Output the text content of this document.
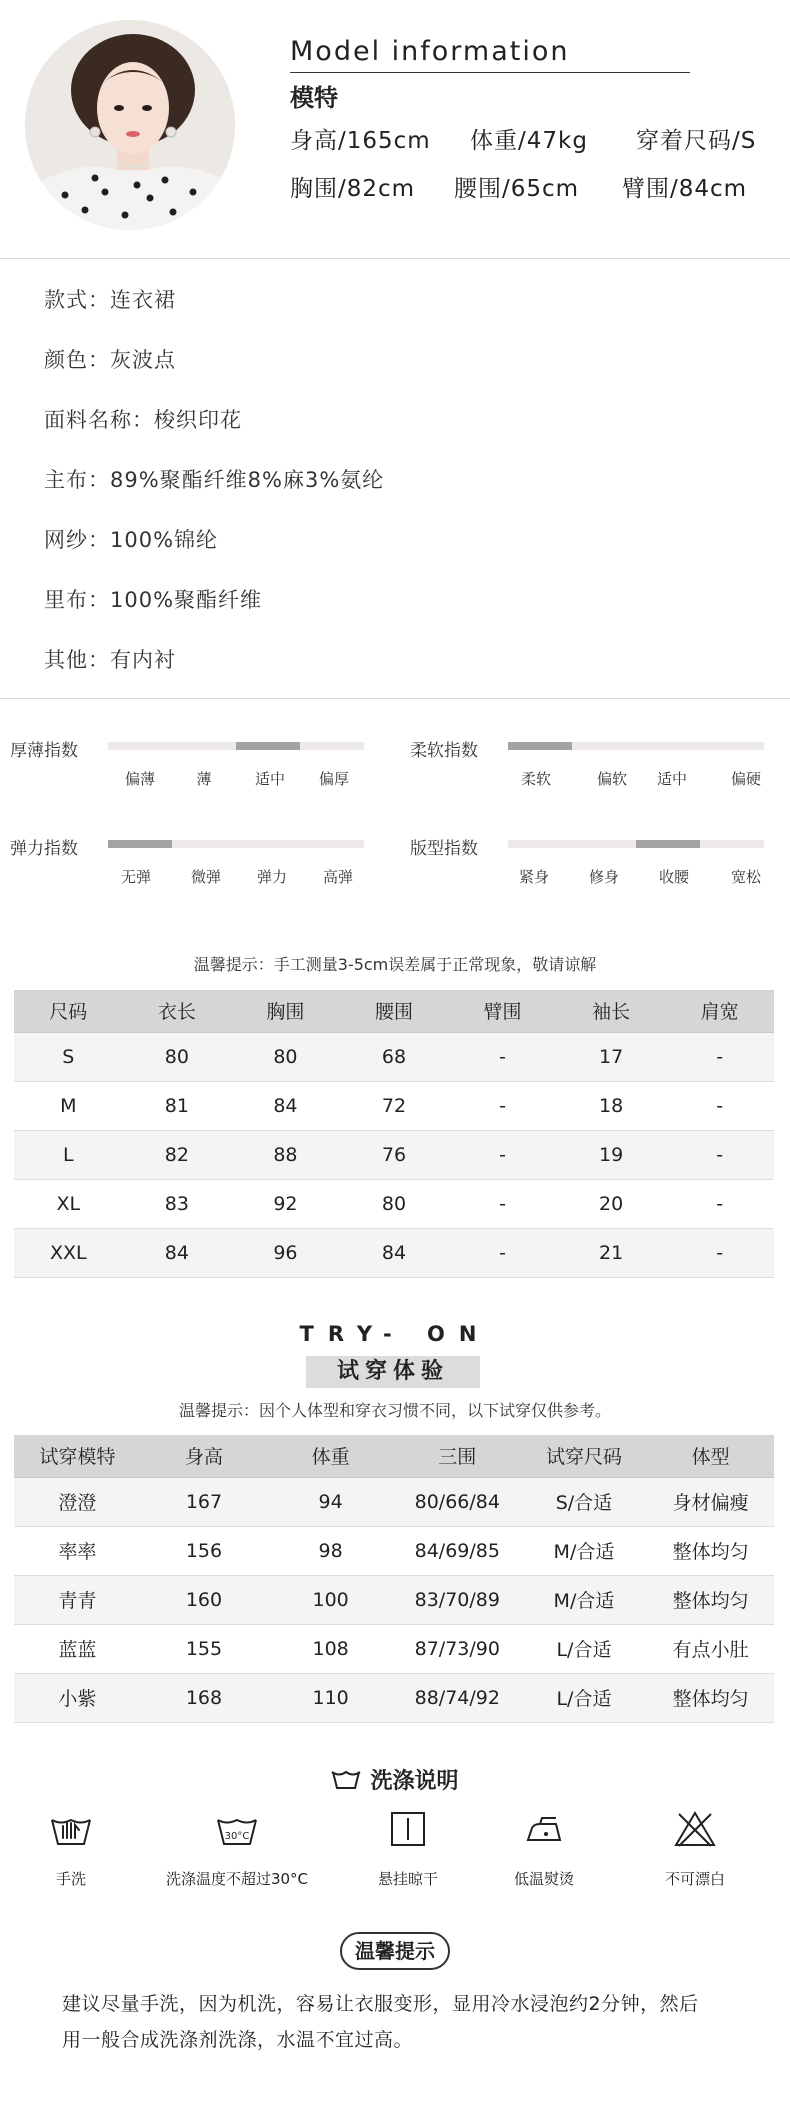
Model information
模特
身高/165cm 体重/47kg 穿着尺码/S
胸围/82cm 腰围/65cm 臂围/84cm
款式：连衣裙
颜色：灰波点
面料名称：梭织印花
主布：89%聚酯纤维8%麻3%氨纶
网纱：100%锦纶
里布：100%聚酯纤维
其他：有内衬
厚薄指数
偏薄	薄	适中 偏厚
柔软指数
柔软	偏软 适中	偏硬
弹力指数
无弹	微弹 弹力 高弹
版型指数
紧身	修身	收腰	宽松
温馨提示：手工测量3-5cm误差属于正常现象，敬请谅解
尺码	衣长	胸围	腰围	臂围	袖长	肩宽
S	80	80	68	-	17	-
M	81	84	72	-	18	-
L	82	88	76	-	19	-
XL	83	92	80	-	20	-
XXL	84	96	84	-	21	-
TRY- ON
试穿体验
温馨提示：因个人体型和穿衣习惯不同，以下试穿仅供参考。
试穿模特	身高	体重	三围	试穿尺码	体型
澄澄	167	94	80/66/84	S/合适	身材偏瘦
率率	156	98	84/69/85	M/合适	整体均匀
青青	160	100	83/70/89	M/合适	整体均匀
蓝蓝	155	108	87/73/90	L/合适	有点小肚
小紫	168	110	88/74/92	L/合适	整体均匀
洗涤说明
手洗
30°C
洗涤温度不超过30°C	悬挂晾干	低温熨烫	不可漂白
温馨提示
建议尽量手洗，因为机洗，容易让衣服变形，显用冷水浸泡约2分钟，然后
用一般合成洗涤剂洗涤，水温不宜过高。
